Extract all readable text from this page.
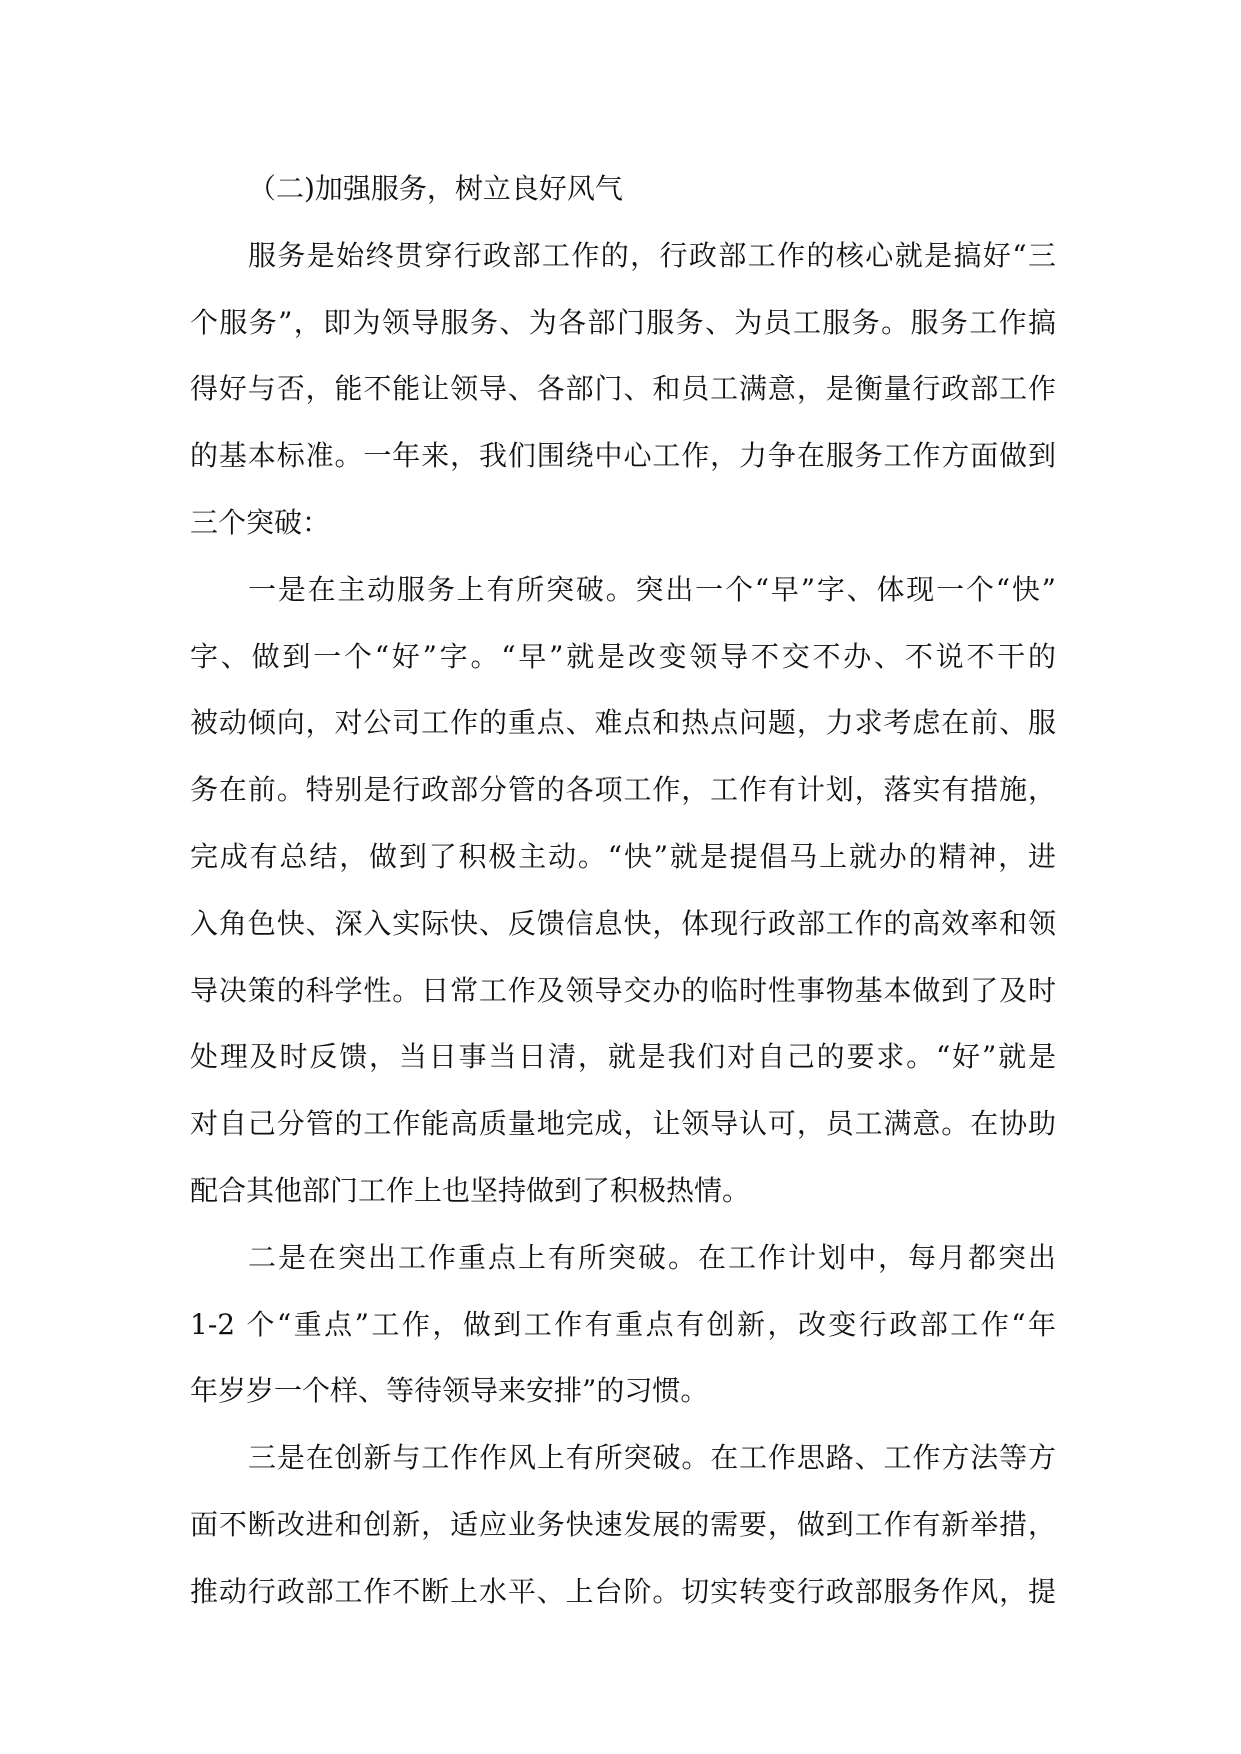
（二)加强服务，树立良好风气
服务是始终贯穿行政部工作的，行政部工作的核心就是搞好“三
个服务”，即为领导服务、为各部门服务、为员工服务。服务工作搞
得好与否，能不能让领导、各部门、和员工满意，是衡量行政部工作
的基本标准。一年来，我们围绕中心工作，力争在服务工作方面做到
三个突破：
一是在主动服务上有所突破。突出一个“早”字、体现一个“快”
字、做到一个“好”字。“早”就是改变领导不交不办、不说不干的
被动倾向，对公司工作的重点、难点和热点问题，力求考虑在前、服
务在前。特别是行政部分管的各项工作，工作有计划，落实有措施，
完成有总结，做到了积极主动。“快”就是提倡马上就办的精神，进
入角色快、深入实际快、反馈信息快，体现行政部工作的高效率和领
导决策的科学性。日常工作及领导交办的临时性事物基本做到了及时
处理及时反馈，当日事当日清，就是我们对自己的要求。“好”就是
对自己分管的工作能高质量地完成，让领导认可，员工满意。在协助
配合其他部门工作上也坚持做到了积极热情。
二是在突出工作重点上有所突破。在工作计划中，每月都突出
1-2 个“重点”工作，做到工作有重点有创新，改变行政部工作“年
年岁岁一个样、等待领导来安排”的习惯。
三是在创新与工作作风上有所突破。在工作思路、工作方法等方
面不断改进和创新，适应业务快速发展的需要，做到工作有新举措，
推动行政部工作不断上水平、上台阶。切实转变行政部服务作风，提
